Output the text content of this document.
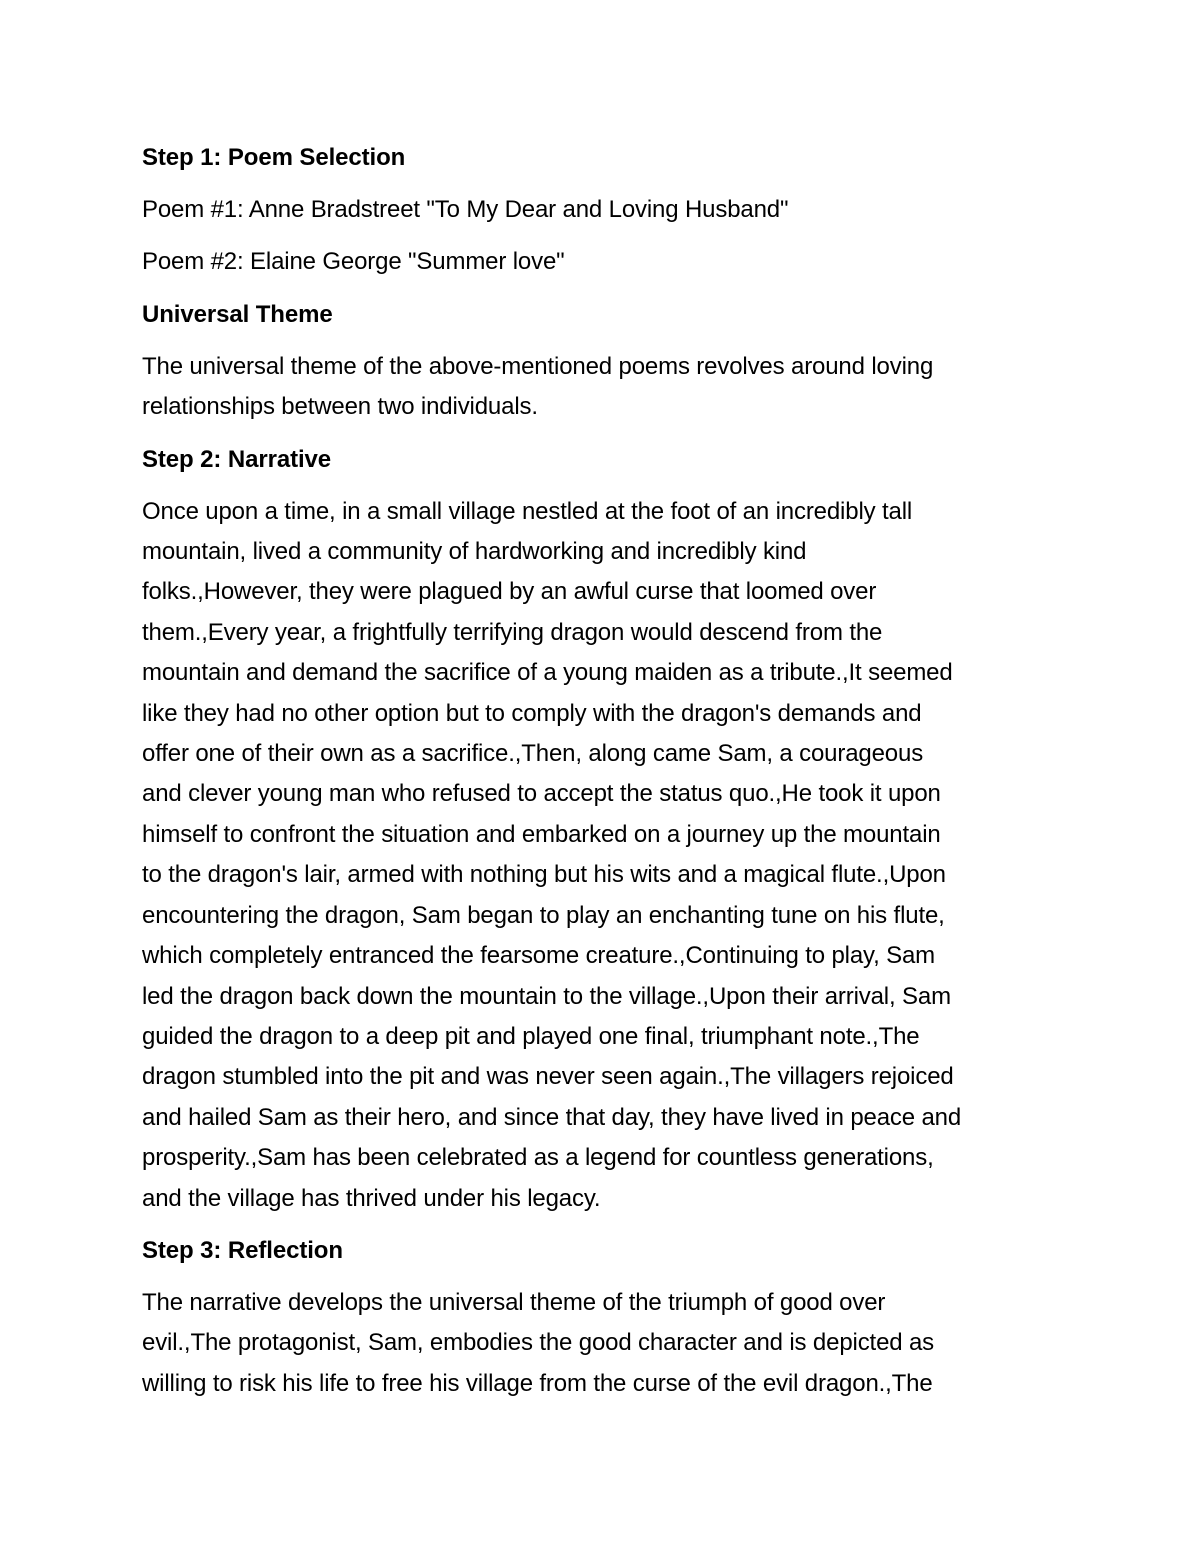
Step 1: Poem Selection
Poem #1: Anne Bradstreet "To My Dear and Loving Husband"
Poem #2: Elaine George "Summer love"
Universal Theme
The universal theme of the above-mentioned poems revolves around loving
relationships between two individuals.
Step 2: Narrative
Once upon a time, in a small village nestled at the foot of an incredibly tall
mountain, lived a community of hardworking and incredibly kind
folks.,However, they were plagued by an awful curse that loomed over
them.,Every year, a frightfully terrifying dragon would descend from the
mountain and demand the sacrifice of a young maiden as a tribute.,It seemed
like they had no other option but to comply with the dragon's demands and
offer one of their own as a sacrifice.,Then, along came Sam, a courageous
and clever young man who refused to accept the status quo.,He took it upon
himself to confront the situation and embarked on a journey up the mountain
to the dragon's lair, armed with nothing but his wits and a magical flute.,Upon
encountering the dragon, Sam began to play an enchanting tune on his flute,
which completely entranced the fearsome creature.,Continuing to play, Sam
led the dragon back down the mountain to the village.,Upon their arrival, Sam
guided the dragon to a deep pit and played one final, triumphant note.,The
dragon stumbled into the pit and was never seen again.,The villagers rejoiced
and hailed Sam as their hero, and since that day, they have lived in peace and
prosperity.,Sam has been celebrated as a legend for countless generations,
and the village has thrived under his legacy.
Step 3: Reflection
The narrative develops the universal theme of the triumph of good over
evil.,The protagonist, Sam, embodies the good character and is depicted as
willing to risk his life to free his village from the curse of the evil dragon.,The
